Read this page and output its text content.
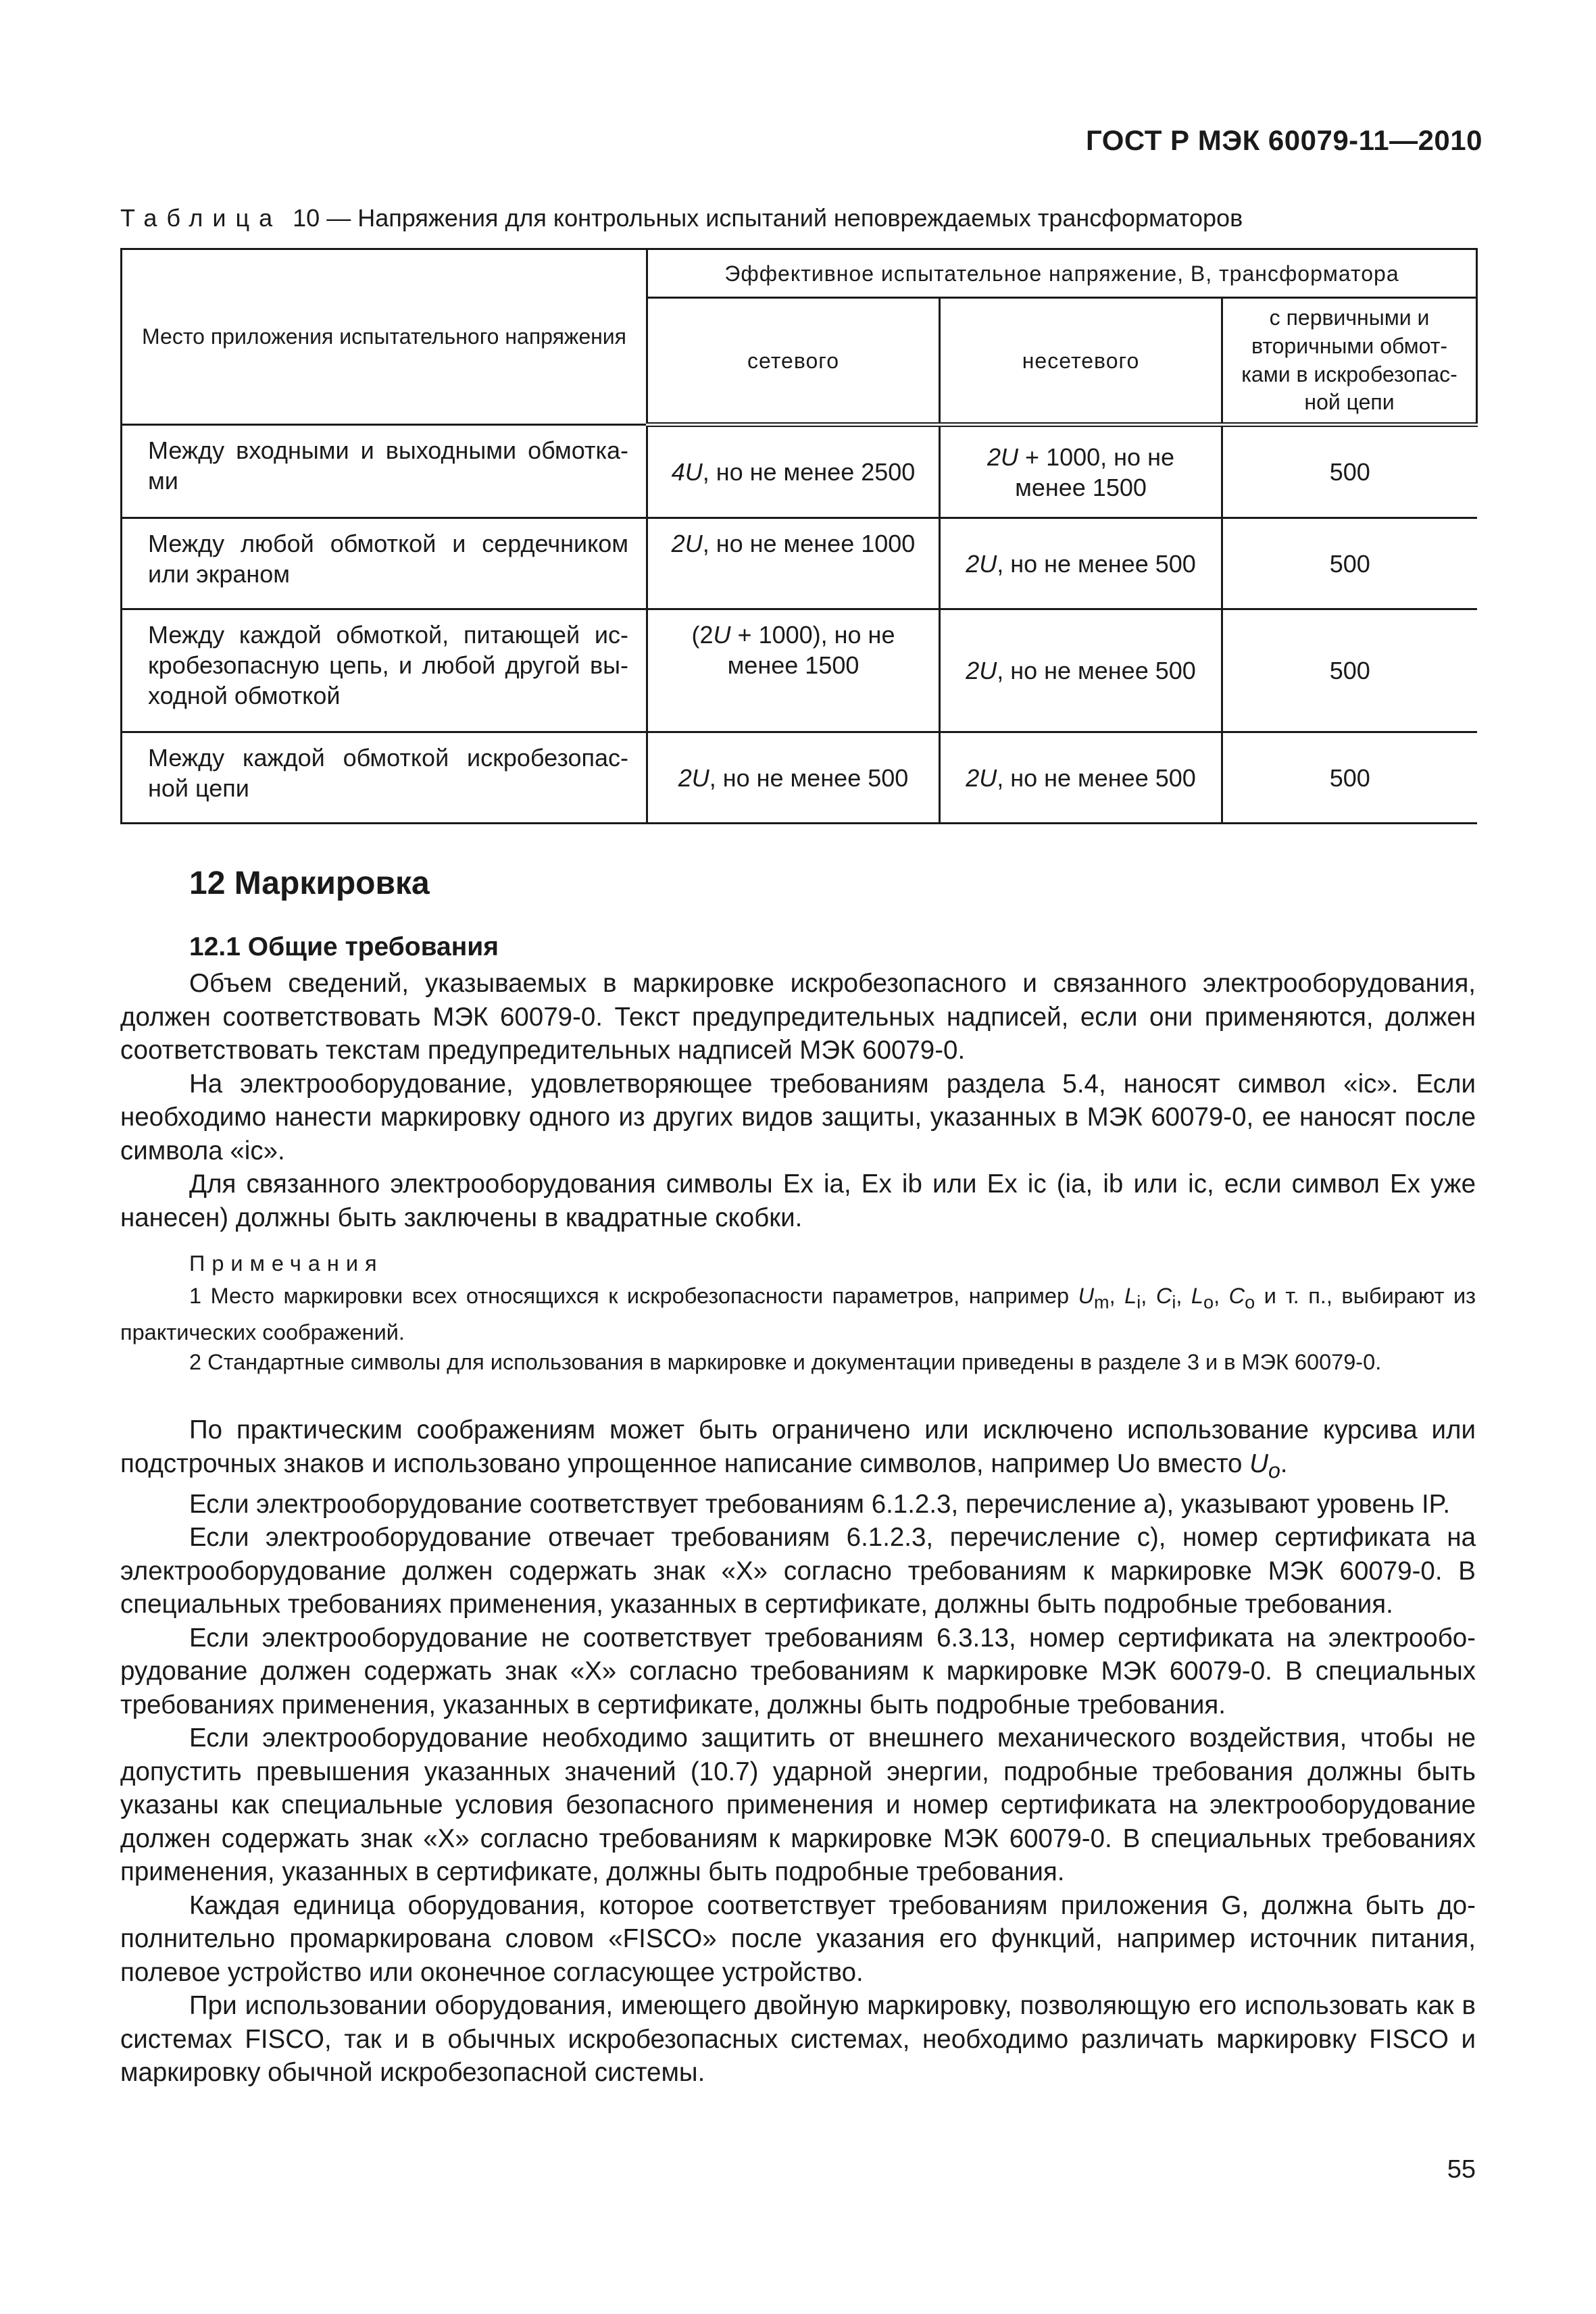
ГОСТ Р МЭК 60079-11—2010
Таблица 10 — Напряжения для контрольных испытаний неповреждаемых трансформаторов
Место приложения испытательного напряжения	Эффективное испытательное напряжение, В, трансформатора		
	сетевого	несетевого	с первичными и вторичными обмот-ками в искробезопас-ной цепи
Между входными и выходными обмотка-ми	4U, но не менее 2500	2U + 1000, но не менее 1500	500
Между любой обмоткой и сердечником или экраном	2U, но не менее 1000	2U, но не менее 500	500
Между каждой обмоткой, питающей ис-кробезопасную цепь, и любой другой вы-ходной обмоткой	(2U + 1000), но не менее 1500	2U, но не менее 500	500
Между каждой обмоткой искробезопас-ной цепи	2U, но не менее 500	2U, но не менее 500	500
12 Маркировка
12.1 Общие требования

Объем сведений, указываемых в маркировке искробезопасного и связанного электрооборудования, должен соответствовать МЭК 60079-0. Текст предупредительных надписей, если они применяются, должен соответствовать текстам предупредительных надписей МЭК 60079-0.

На электрооборудование, удовлетворяющее требованиям раздела 5.4, наносят символ «ic». Если необходимо нанести маркировку одного из других видов защиты, указанных в МЭК 60079-0, ее наносят после символа «ic».

Для связанного электрооборудования символы Ex ia, Ex ib или Ex ic (ia, ib или ic, если символ Ex уже нанесен) должны быть заключены в квадратные скобки.

Примечания

1 Место маркировки всех относящихся к искробезопасности параметров, например $U_m$, $L_i$, $C_i$, $L_o$, $C_o$ и т. п., выбирают из практических соображений.

2 Стандартные символы для использования в маркировке и документации приведены в разделе 3 и в МЭК 60079-0.

По практическим соображениям может быть ограничено или исключено использование курсива или подстрочных знаков и использовано упрощенное написание символов, например Uo вместо $U_o$.

Если электрооборудование соответствует требованиям 6.1.2.3, перечисление а), указывают уровень IP.

Если электрооборудование отвечает требованиям 6.1.2.3, перечисление с), номер сертификата на электрооборудование должен содержать знак «X» согласно требованиям к маркировке МЭК 60079-0. В специальных требованиях применения, указанных в сертификате, должны быть подробные требования.

Если электрооборудование не соответствует требованиям 6.3.13, номер сертификата на электрообо-рудование должен содержать знак «X» согласно требованиям к маркировке МЭК 60079-0. В специальных требованиях применения, указанных в сертификате, должны быть подробные требования.

Если электрооборудование необходимо защитить от внешнего механического воздействия, чтобы не допустить превышения указанных значений (10.7) ударной энергии, подробные требования должны быть указаны как специальные условия безопасного применения и номер сертификата на электрооборудование должен содержать знак «X» согласно требованиям к маркировке МЭК 60079-0. В специальных требованиях применения, указанных в сертификате, должны быть подробные требования.

Каждая единица оборудования, которое соответствует требованиям приложения G, должна быть до-полнительно промаркирована словом «FISCO» после указания его функций, например источник питания, полевое устройство или оконечное согласующее устройство.

При использовании оборудования, имеющего двойную маркировку, позволяющую его использовать как в системах FISCO, так и в обычных искробезопасных системах, необходимо различать маркировку FISCO и маркировку обычной искробезопасной системы.

55
